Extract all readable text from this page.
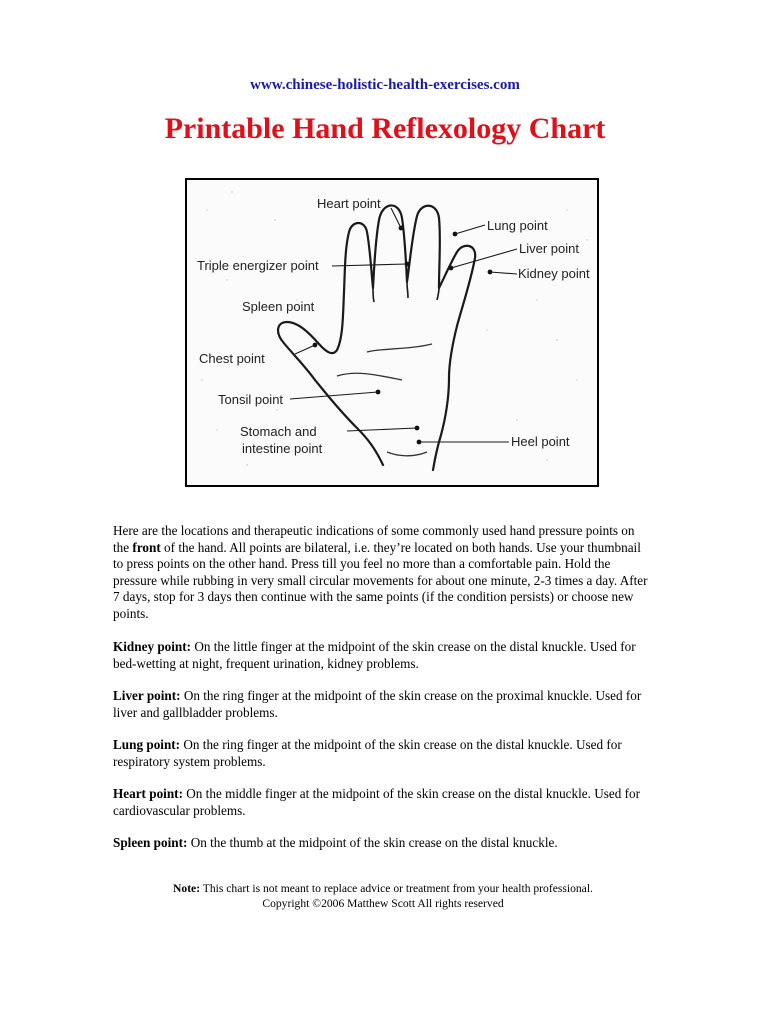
www.chinese-holistic-health-exercises.com
Printable Hand Reflexology Chart
Heart point
Lung point
Liver point
Kidney point
Triple energizer point
Spleen point
Chest point
Tonsil point
Stomach and
intestine point	Heel point

Here are the locations and therapeutic indications of some commonly used hand pressure points on the front of the hand. All points are bilateral, i.e. they’re located on both hands. Use your thumbnail to press points on the other hand. Press till you feel no more than a comfortable pain. Hold the pressure while rubbing in very small circular movements for about one minute, 2-3 times a day. After 7 days, stop for 3 days then continue with the same points (if the condition persists) or choose new points.

Kidney point: On the little finger at the midpoint of the skin crease on the distal knuckle. Used for bed-wetting at night, frequent urination, kidney problems.

Liver point: On the ring finger at the midpoint of the skin crease on the proximal knuckle. Used for liver and gallbladder problems.

Lung point: On the ring finger at the midpoint of the skin crease on the distal knuckle. Used for respiratory system problems.

Heart point: On the middle finger at the midpoint of the skin crease on the distal knuckle. Used for cardiovascular problems.

Spleen point: On the thumb at the midpoint of the skin crease on the distal knuckle.

Note: This chart is not meant to replace advice or treatment from your health professional.
Copyright ©2006 Matthew Scott All rights reserved
